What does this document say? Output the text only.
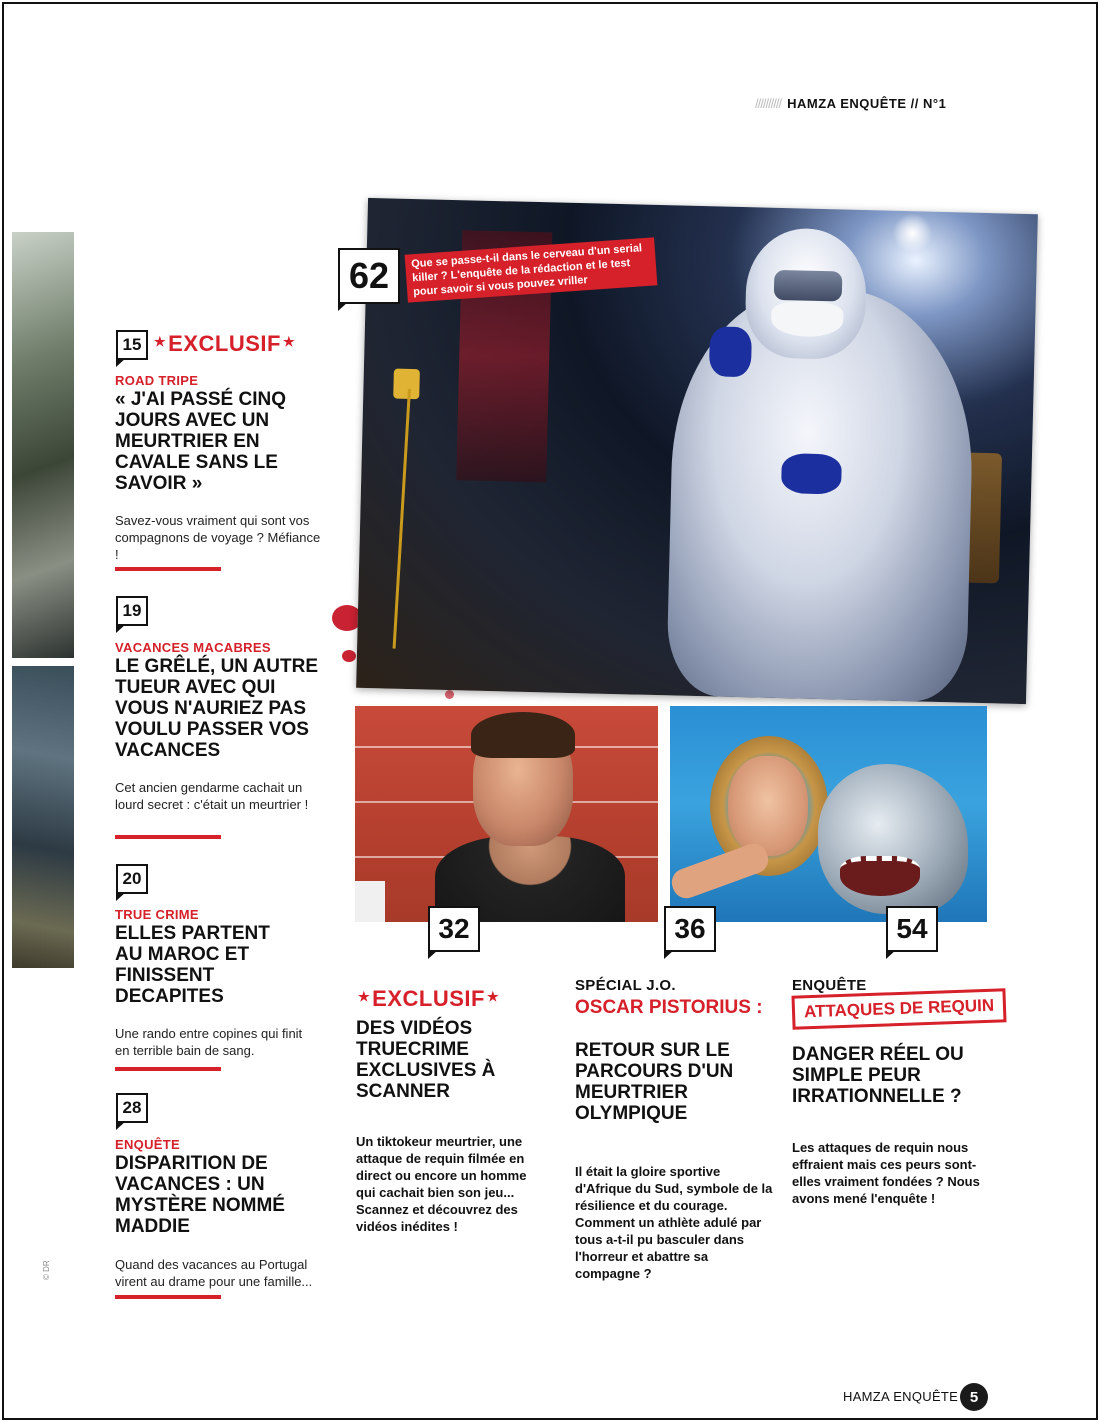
////////// HAMZA ENQUÊTE // N°1
© DR
62	Que se passe-t-il dans le cerveau d'un serial killer ? L'enquête de la rédaction et le test pour savoir si vous pouvez vriller
15 ★EXCLUSIF ★
ROAD TRIPE
« J'AI PASSÉ CINQ JOURS AVEC UN MEURTRIER EN CAVALE SANS LE SAVOIR »
Savez-vous vraiment qui sont vos compagnons de voyage ? Méfiance !
19
VACANCES MACABRES
LE GRÊLÉ, UN AUTRE TUEUR AVEC QUI VOUS N'AURIEZ PAS VOULU PASSER VOS VACANCES
Cet ancien gendarme cachait un lourd secret : c'était un meurtrier !
20
TRUE CRIME
ELLES PARTENT AU MAROC ET FINISSENT DECAPITES
Une rando entre copines qui finit en terrible bain de sang.
28
ENQUÊTE
DISPARITION DE VACANCES : UN MYSTÈRE NOMMÉ MADDIE
Quand des vacances au Portugal virent au drame pour une famille...
32
★EXCLUSIF ★
DES VIDÉOS TRUECRIME EXCLUSIVES À SCANNER
Un tiktokeur meurtrier, une attaque de requin filmée en direct ou encore un homme qui cachait bien son jeu... Scannez et découvrez des vidéos inédites !
36
SPÉCIAL J.O.
OSCAR PISTORIUS :
RETOUR SUR LE PARCOURS D'UN MEURTRIER OLYMPIQUE
Il était la gloire sportive d'Afrique du Sud, symbole de la résilience et du courage. Comment un athlète adulé par tous a-t-il pu basculer dans l'horreur et abattre sa compagne ?
54
ENQUÊTE
ATTAQUES DE REQUIN
DANGER RÉEL OU SIMPLE PEUR IRRATIONNELLE ?
Les attaques de requin nous effraient mais ces peurs sont-elles vraiment fondées ? Nous avons mené l'enquête !
HAMZA ENQUÊTE 5
